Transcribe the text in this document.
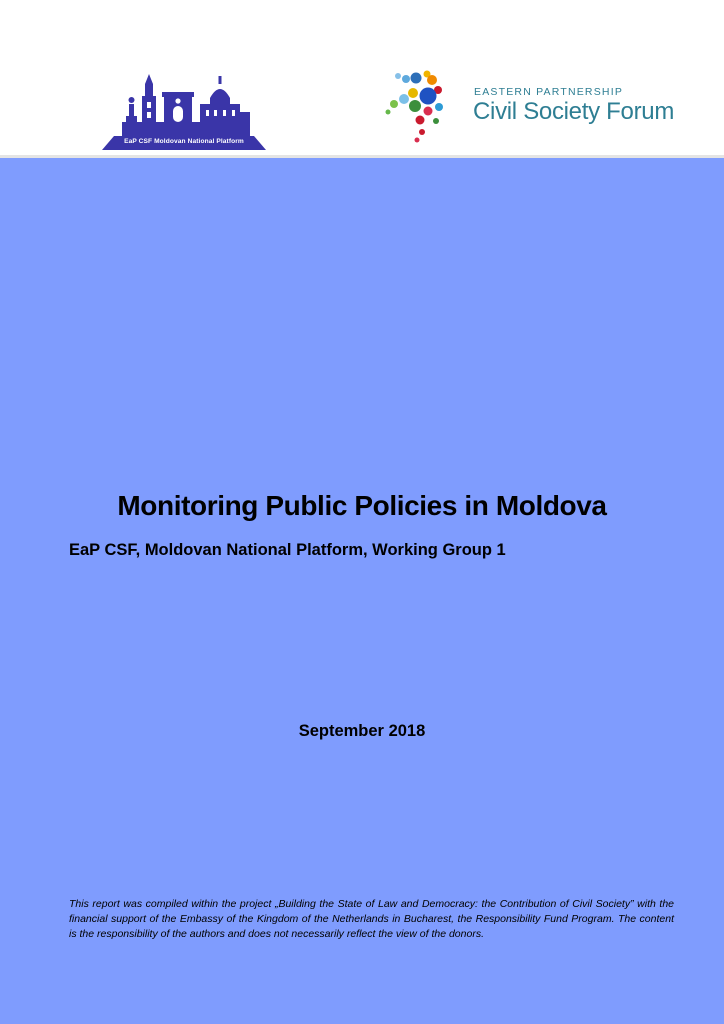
EaP CSF Moldovan National Platform
EASTERN PARTNERSHIP
Civil Society Forum
Monitoring Public Policies in Moldova
EaP CSF, Moldovan National Platform, Working Group 1
September 2018
This report was compiled within the project „Building the State of Law and Democracy: the Contribution of Civil Society” with the financial support of the Embassy of the Kingdom of the Netherlands in Bucharest, the Responsibility Fund Program. The content is the responsibility of the authors and does not necessarily reflect the view of the donors.
